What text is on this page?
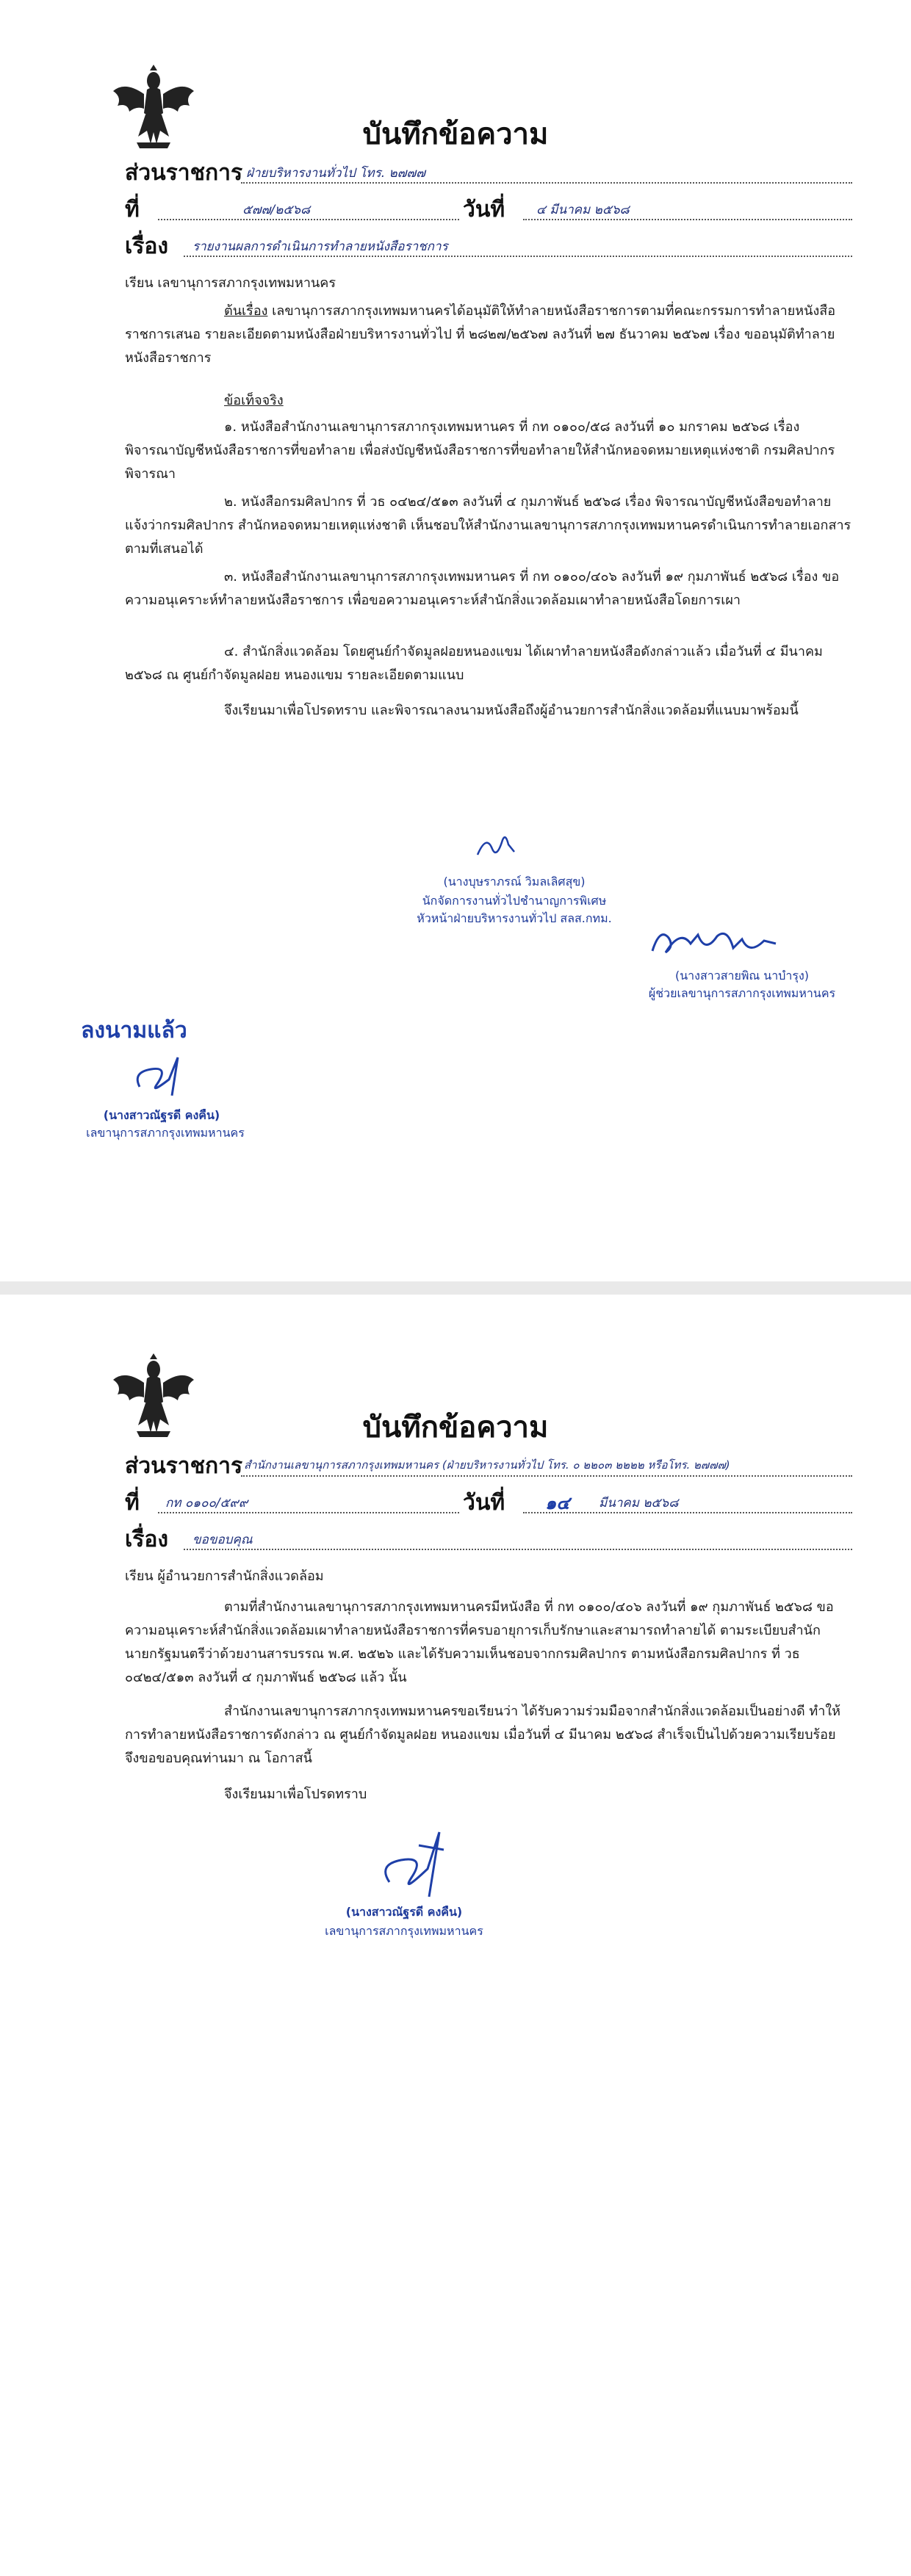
บันทึกข้อความ
ส่วนราชการ ฝ่ายบริหารงานทั่วไป โทร. ๒๗๗๗
ที่	๕๗๗/๒๕๖๘	วันที่	๔ มีนาคม ๒๕๖๘
เรื่อง รายงานผลการดำเนินการทำลายหนังสือราชการ
เรียน เลขานุการสภากรุงเทพมหานคร
ต้นเรื่อง เลขานุการสภากรุงเทพมหานครได้อนุมัติให้ทำลายหนังสือราชการตามที่คณะกรรมการทำลายหนังสือราชการเสนอ รายละเอียดตามหนังสือฝ่ายบริหารงานทั่วไป ที่ ๒๘๒๗/๒๕๖๗ ลงวันที่ ๒๗ ธันวาคม ๒๕๖๗ เรื่อง ขออนุมัติทำลายหนังสือราชการ
ข้อเท็จจริง
๑. หนังสือสำนักงานเลขานุการสภากรุงเทพมหานคร ที่ กท ๐๑๐๐/๕๘ ลงวันที่ ๑๐ มกราคม ๒๕๖๘ เรื่อง พิจารณาบัญชีหนังสือราชการที่ขอทำลาย เพื่อส่งบัญชีหนังสือราชการที่ขอทำลายให้สำนักหอจดหมายเหตุแห่งชาติ กรมศิลปากร พิจารณา
๒. หนังสือกรมศิลปากร ที่ วธ ๐๔๒๔/๕๑๓ ลงวันที่ ๔ กุมภาพันธ์ ๒๕๖๘ เรื่อง พิจารณาบัญชีหนังสือขอทำลาย แจ้งว่ากรมศิลปากร สำนักหอจดหมายเหตุแห่งชาติ เห็นชอบให้สำนักงานเลขานุการสภากรุงเทพมหานครดำเนินการทำลายเอกสารตามที่เสนอได้
๓. หนังสือสำนักงานเลขานุการสภากรุงเทพมหานคร ที่ กท ๐๑๐๐/๔๐๖ ลงวันที่ ๑๙ กุมภาพันธ์ ๒๕๖๘ เรื่อง ขอความอนุเคราะห์ทำลายหนังสือราชการ เพื่อขอความอนุเคราะห์สำนักสิ่งแวดล้อมเผาทำลายหนังสือโดยการเผา
๔. สำนักสิ่งแวดล้อม โดยศูนย์กำจัดมูลฝอยหนองแขม ได้เผาทำลายหนังสือดังกล่าวแล้ว เมื่อวันที่ ๔ มีนาคม ๒๕๖๘ ณ ศูนย์กำจัดมูลฝอย หนองแขม รายละเอียดตามแนบ
จึงเรียนมาเพื่อโปรดทราบ และพิจารณาลงนามหนังสือถึงผู้อำนวยการสำนักสิ่งแวดล้อมที่แนบมาพร้อมนี้
(นางบุษราภรณ์ วิมลเลิศสุข)
นักจัดการงานทั่วไปชำนาญการพิเศษ
หัวหน้าฝ่ายบริหารงานทั่วไป สลส.กทม.
(นางสาวสายพิณ นาบำรุง)
ผู้ช่วยเลขานุการสภากรุงเทพมหานคร
ลงนามแล้ว
(นางสาวณัฐรดี คงคืน)
เลขานุการสภากรุงเทพมหานคร
บันทึกข้อความ
ส่วนราชการ สำนักงานเลขานุการสภากรุงเทพมหานคร (ฝ่ายบริหารงานทั่วไป โทร. ๐ ๒๒๐๓ ๒๒๒๒ หรือโทร. ๒๗๗๗)
ที่ กท ๐๑๐๐/๕๙๙	วันที่ ๑๔ มีนาคม ๒๕๖๘
เรื่อง ขอขอบคุณ
เรียน ผู้อำนวยการสำนักสิ่งแวดล้อม
ตามที่สำนักงานเลขานุการสภากรุงเทพมหานครมีหนังสือ ที่ กท ๐๑๐๐/๔๐๖ ลงวันที่ ๑๙ กุมภาพันธ์ ๒๕๖๘ ขอความอนุเคราะห์สำนักสิ่งแวดล้อมเผาทำลายหนังสือราชการที่ครบอายุการเก็บรักษาและสามารถทำลายได้ ตามระเบียบสำนักนายกรัฐมนตรีว่าด้วยงานสารบรรณ พ.ศ. ๒๕๒๖ และได้รับความเห็นชอบจากกรมศิลปากร ตามหนังสือกรมศิลปากร ที่ วธ ๐๔๒๔/๕๑๓ ลงวันที่ ๔ กุมภาพันธ์ ๒๕๖๘ แล้ว นั้น
สำนักงานเลขานุการสภากรุงเทพมหานครขอเรียนว่า ได้รับความร่วมมือจากสำนักสิ่งแวดล้อมเป็นอย่างดี ทำให้การทำลายหนังสือราชการดังกล่าว ณ ศูนย์กำจัดมูลฝอย หนองแขม เมื่อวันที่ ๔ มีนาคม ๒๕๖๘ สำเร็จเป็นไปด้วยความเรียบร้อย จึงขอขอบคุณท่านมา ณ โอกาสนี้
จึงเรียนมาเพื่อโปรดทราบ
(นางสาวณัฐรดี คงคืน)
เลขานุการสภากรุงเทพมหานคร
